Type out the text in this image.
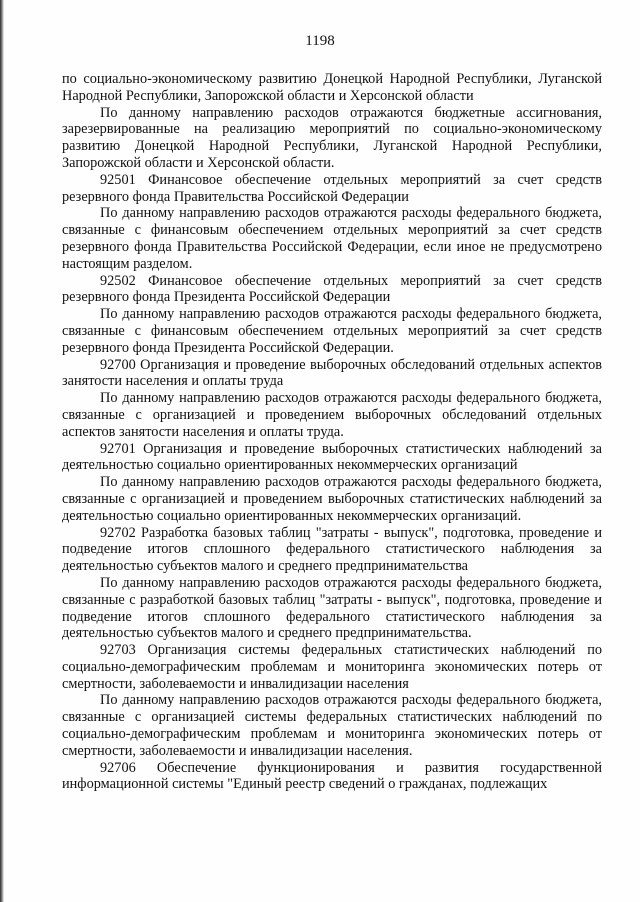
1198

по социально-экономическому развитию Донецкой Народной Республики, Луганской Народной Республики, Запорожской области и Херсонской области

По данному направлению расходов отражаются бюджетные ассигнования, зарезервированные на реализацию мероприятий по социально-экономическому развитию Донецкой Народной Республики, Луганской Народной Республики, Запорожской области и Херсонской области.

92501 Финансовое обеспечение отдельных мероприятий за счет средств резервного фонда Правительства Российской Федерации

По данному направлению расходов отражаются расходы федерального бюджета, связанные с финансовым обеспечением отдельных мероприятий за счет средств резервного фонда Правительства Российской Федерации, если иное не предусмотрено настоящим разделом.

92502 Финансовое обеспечение отдельных мероприятий за счет средств резервного фонда Президента Российской Федерации

По данному направлению расходов отражаются расходы федерального бюджета, связанные с финансовым обеспечением отдельных мероприятий за счет средств резервного фонда Президента Российской Федерации.

92700 Организация и проведение выборочных обследований отдельных аспектов занятости населения и оплаты труда

По данному направлению расходов отражаются расходы федерального бюджета, связанные с организацией и проведением выборочных обследований отдельных аспектов занятости населения и оплаты труда.

92701 Организация и проведение выборочных статистических наблюдений за деятельностью социально ориентированных некоммерческих организаций

По данному направлению расходов отражаются расходы федерального бюджета, связанные с организацией и проведением выборочных статистических наблюдений за деятельностью социально ориентированных некоммерческих организаций.

92702 Разработка базовых таблиц "затраты - выпуск", подготовка, проведение и подведение итогов сплошного федерального статистического наблюдения за деятельностью субъектов малого и среднего предпринимательства

По данному направлению расходов отражаются расходы федерального бюджета, связанные с разработкой базовых таблиц "затраты - выпуск", подготовка, проведение и подведение итогов сплошного федерального статистического наблюдения за деятельностью субъектов малого и среднего предпринимательства.

92703 Организация системы федеральных статистических наблюдений по социально-демографическим проблемам и мониторинга экономических потерь от смертности, заболеваемости и инвалидизации населения

По данному направлению расходов отражаются расходы федерального бюджета, связанные с организацией системы федеральных статистических наблюдений по социально-демографическим проблемам и мониторинга экономических потерь от смертности, заболеваемости и инвалидизации населения.

92706 Обеспечение функционирования и развития государственной информационной системы "Единый реестр сведений о гражданах, подлежащих
